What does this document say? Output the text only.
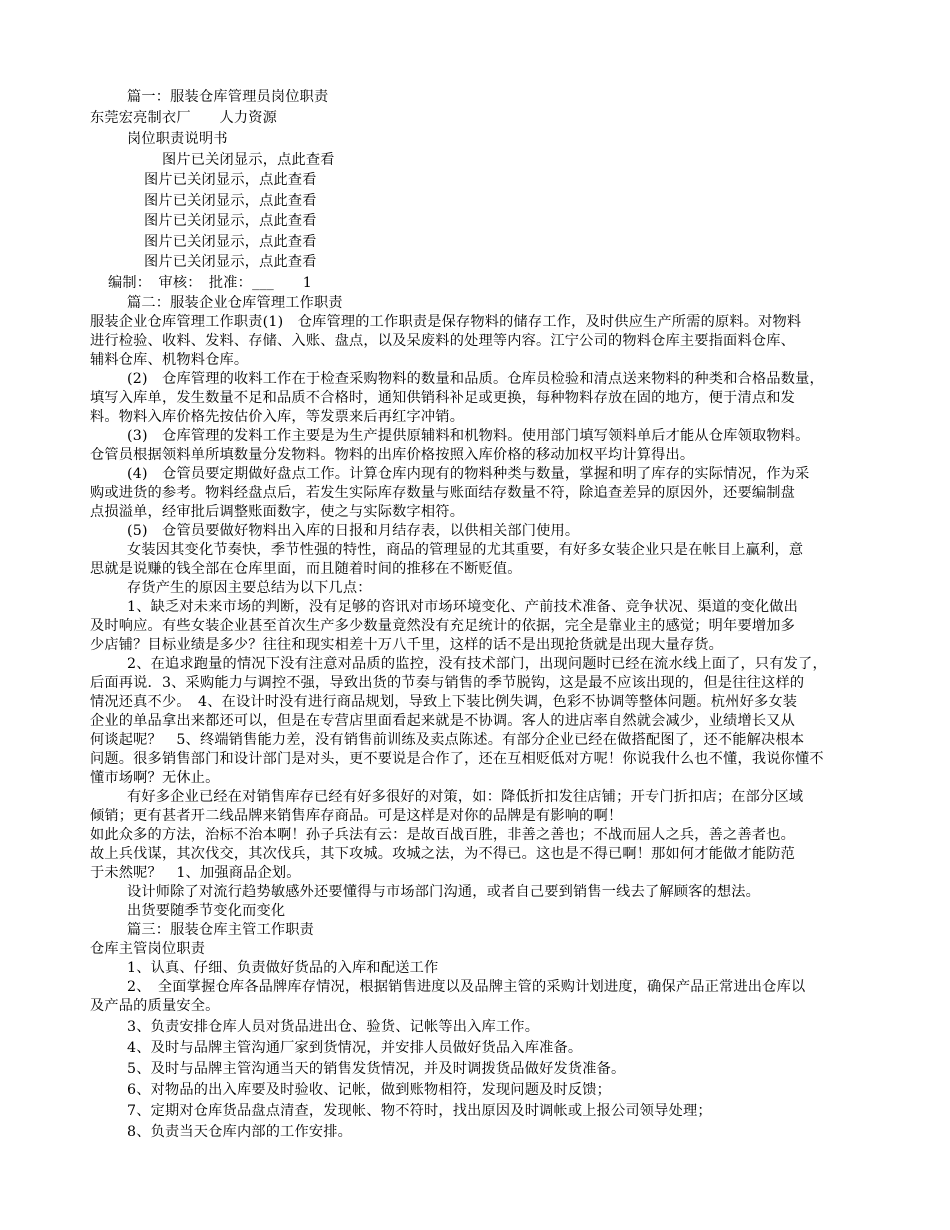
篇一：服装仓库管理员岗位职责
东莞宏亮制衣厂　　人力资源
岗位职责说明书
图片已关闭显示，点此查看
图片已关闭显示，点此查看
图片已关闭显示，点此查看
图片已关闭显示，点此查看
图片已关闭显示，点此查看
图片已关闭显示，点此查看
编制：　审核：　批准：___　　1
篇二：服装企业仓库管理工作职责
服装企业仓库管理工作职责(1)　仓库管理的工作职责是保存物料的储存工作，及时供应生产所需的原料。对物料
进行检验、收料、发料、存储、入账、盘点，以及呆废料的处理等内容。江宁公司的物料仓库主要指面料仓库、
辅料仓库、机物料仓库。
(2)　仓库管理的收料工作在于检查采购物料的数量和品质。仓库员检验和清点送来物料的种类和合格品数量，
填写入库单，发生数量不足和品质不合格时，通知供销科补足或更换，每种物料存放在固的地方，便于清点和发
料。物料入库价格先按估价入库，等发票来后再红字冲销。
(3)　仓库管理的发料工作主要是为生产提供原辅料和机物料。使用部门填写领料单后才能从仓库领取物料。
仓管员根据领料单所填数量分发物料。物料的出库价格按照入库价格的移动加权平均计算得出。
(4)　仓管员要定期做好盘点工作。计算仓库内现有的物料种类与数量，掌握和明了库存的实际情况，作为采
购或进货的参考。物料经盘点后，若发生实际库存数量与账面结存数量不符，除追查差异的原因外，还要编制盘
点损溢单，经审批后调整账面数字，使之与实际数字相符。
(5)　仓管员要做好物料出入库的日报和月结存表，以供相关部门使用。
女装因其变化节奏快，季节性强的特性，商品的管理显的尤其重要，有好多女装企业只是在帐目上赢利，意
思就是说赚的钱全部在仓库里面，而且随着时间的推移在不断贬值。
存货产生的原因主要总结为以下几点：
1、缺乏对未来市场的判断，没有足够的咨讯对市场环境变化、产前技术准备、竞争状况、渠道的变化做出
及时响应。有些女装企业甚至首次生产多少数量竟然没有充足统计的依据，完全是靠业主的感觉；明年要增加多
少店铺？目标业绩是多少？往往和现实相差十万八千里，这样的话不是出现抢货就是出现大量存货。
2、在追求跑量的情况下没有注意对品质的监控，没有技术部门，出现问题时已经在流水线上面了，只有发了，
后面再说．3、采购能力与调控不强，导致出货的节奏与销售的季节脱钩，这是最不应该出现的，但是往往这样的
情况还真不少。　4、在设计时没有进行商品规划，导致上下装比例失调，色彩不协调等整体问题。杭州好多女装
企业的单品拿出来都还可以，但是在专营店里面看起来就是不协调。客人的进店率自然就会减少，业绩增长又从
何谈起呢？　5、终端销售能力差，没有销售前训练及卖点陈述。有部分企业已经在做搭配图了，还不能解决根本
问题。很多销售部门和设计部门是对头，更不要说是合作了，还在互相贬低对方呢！你说我什么也不懂，我说你懂不
懂市场啊？无休止。
有好多企业已经在对销售库存已经有好多很好的对策，如：降低折扣发往店铺；开专门折扣店；在部分区域
倾销；更有甚者开二线品牌来销售库存商品。可是这样是对你的品牌是有影响的啊！
如此众多的方法，治标不治本啊！孙子兵法有云：是故百战百胜，非善之善也；不战而屈人之兵，善之善者也。
故上兵伐谋，其次伐交，其次伐兵，其下攻城。攻城之法，为不得已。这也是不得已啊！那如何才能做才能防范
于未然呢？　1、加强商品企划。
设计师除了对流行趋势敏感外还要懂得与市场部门沟通，或者自己要到销售一线去了解顾客的想法。
出货要随季节变化而变化
篇三：服装仓库主管工作职责
仓库主管岗位职责
1、认真、仔细、负责做好货品的入库和配送工作
2、　全面掌握仓库各品牌库存情况，根据销售进度以及品牌主管的采购计划进度，确保产品正常进出仓库以
及产品的质量安全。
3、负责安排仓库人员对货品进出仓、验货、记帐等出入库工作。
4、及时与品牌主管沟通厂家到货情况，并安排人员做好货品入库准备。
5、及时与品牌主管沟通当天的销售发货情况，并及时调拨货品做好发货准备。
6、对物品的出入库要及时验收、记帐，做到账物相符，发现问题及时反馈；
7、定期对仓库货品盘点清查，发现帐、物不符时，找出原因及时调帐或上报公司领导处理；
8、负责当天仓库内部的工作安排。
